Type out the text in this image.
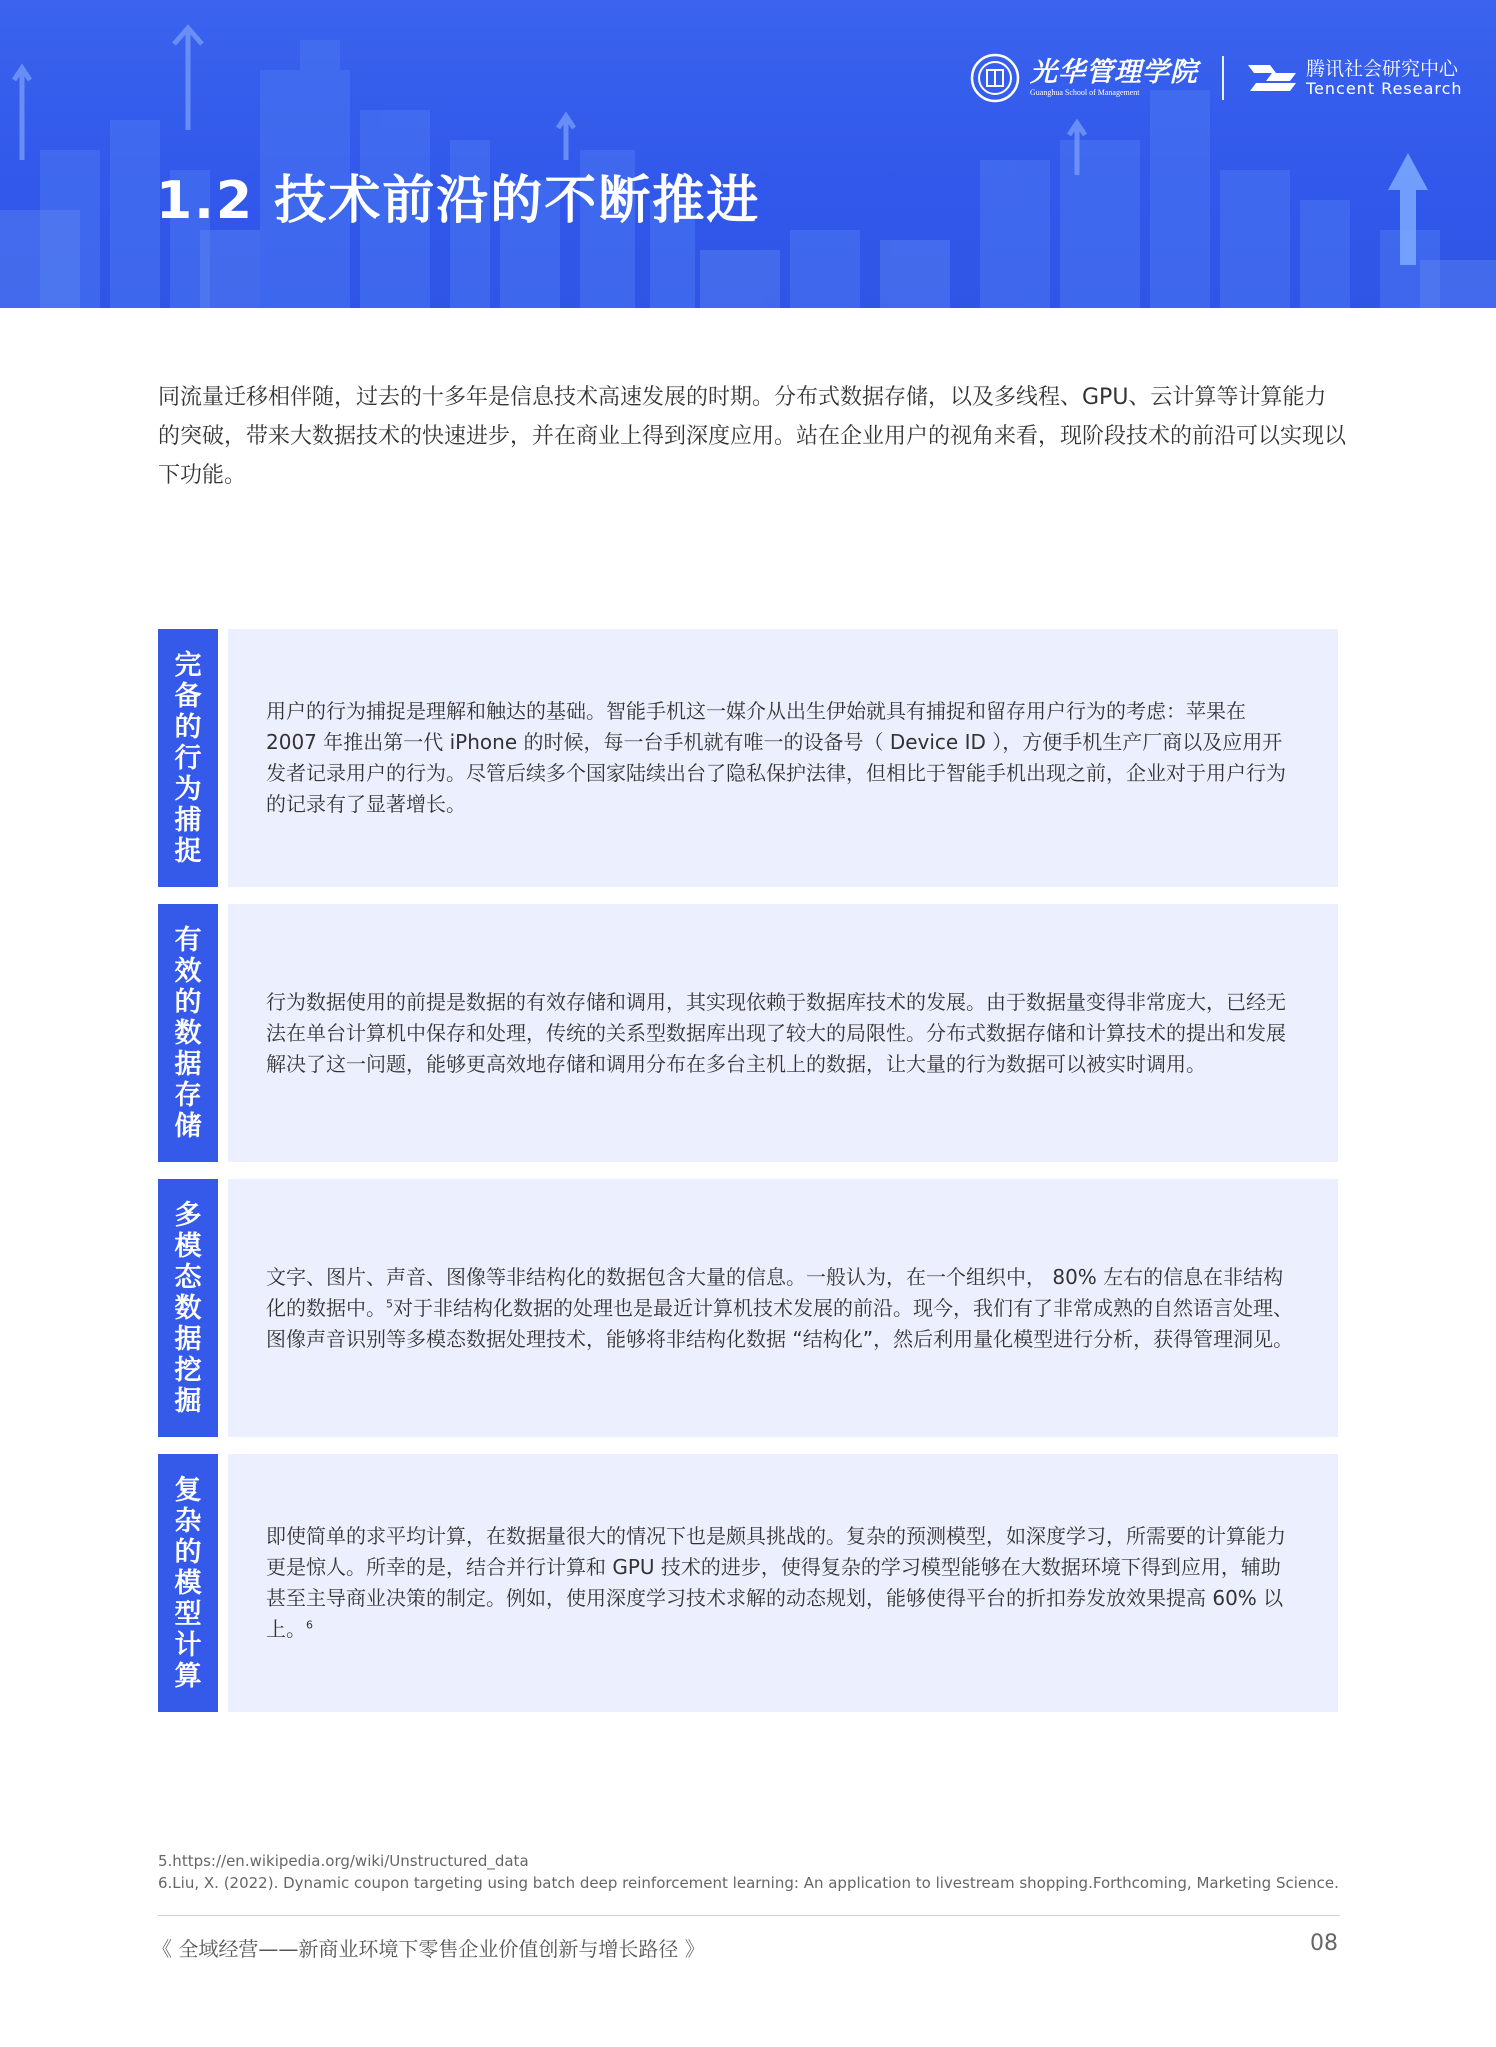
1.2 技术前沿的不断推进
光华管理学院
Guanghua School of Management
腾讯社会研究中心
Tencent Research

同流量迁移相伴随，过去的十多年是信息技术高速发展的时期。分布式数据存储，以及多线程、GPU、云计算等计算能力的突破，带来大数据技术的快速进步，并在商业上得到深度应用。站在企业用户的视角来看，现阶段技术的前沿可以实现以下功能。

完
备
的
行
为
捕
捉

用户的行为捕捉是理解和触达的基础。智能手机这一媒介从出生伊始就具有捕捉和留存用户行为的考虑：苹果在 2007 年推出第一代 iPhone 的时候，每一台手机就有唯一的设备号（ Device ID ），方便手机生产厂商以及应用开发者记录用户的行为。尽管后续多个国家陆续出台了隐私保护法律，但相比于智能手机出现之前，企业对于用户行为的记录有了显著增长。

有
效
的
数
据
存
储

行为数据使用的前提是数据的有效存储和调用，其实现依赖于数据库技术的发展。由于数据量变得非常庞大，已经无法在单台计算机中保存和处理，传统的关系型数据库出现了较大的局限性。分布式数据存储和计算技术的提出和发展解决了这一问题，能够更高效地存储和调用分布在多台主机上的数据，让大量的行为数据可以被实时调用。

多
模
态
数
据
挖
掘

文字、图片、声音、图像等非结构化的数据包含大量的信息。一般认为，在一个组织中， 80% 左右的信息在非结构化的数据中。$^5$对于非结构化数据的处理也是最近计算机技术发展的前沿。现今，我们有了非常成熟的自然语言处理、图像声音识别等多模态数据处理技术，能够将非结构化数据 “结构化”，然后利用量化模型进行分析，获得管理洞见。

复
杂
的
模
型
计
算

即使简单的求平均计算，在数据量很大的情况下也是颇具挑战的。复杂的预测模型，如深度学习，所需要的计算能力更是惊人。所幸的是，结合并行计算和 GPU 技术的进步，使得复杂的学习模型能够在大数据环境下得到应用，辅助甚至主导商业决策的制定。例如，使用深度学习技术求解的动态规划，能够使得平台的折扣券发放效果提高 60% 以上。$^6$

5.https://en.wikipedia.org/wiki/Unstructured_data
6.Liu, X. (2022). Dynamic coupon targeting using batch deep reinforcement learning: An application to livestream shopping.Forthcoming, Marketing Science.
《 全域经营——新商业环境下零售企业价值创新与增长路径 》	08
